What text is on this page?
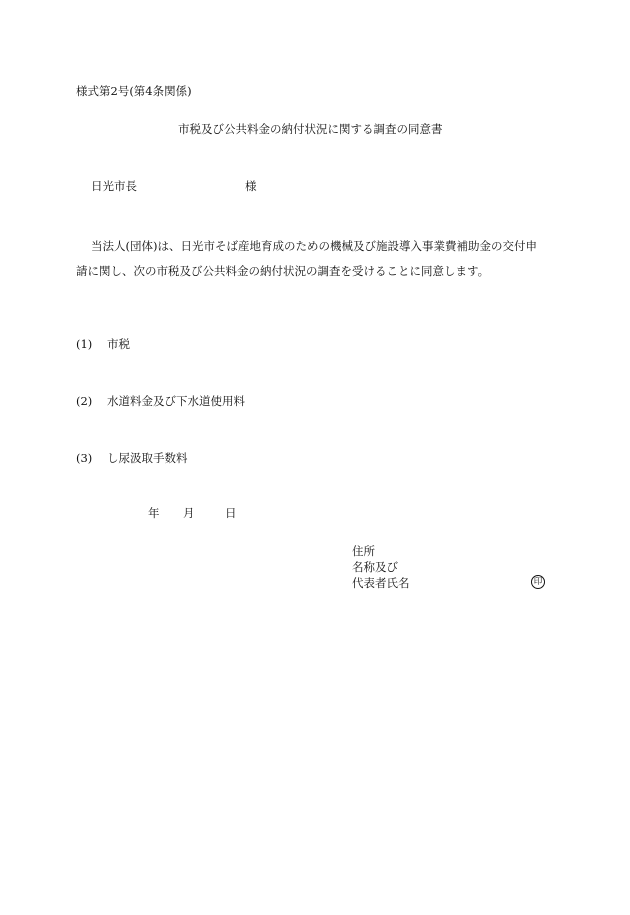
様式第2号(第4条関係)
市税及び公共料金の納付状況に関する調査の同意書
日光市長	様
当法人(団体)は、日光市そば産地育成のための機械及び施設導入事業費補助金の交付申
請に関し、次の市税及び公共料金の納付状況の調査を受けることに同意します。
(1) 市税
(2) 水道料金及び下水道使用料
(3) し尿汲取手数料
年 月	日
住所
名称及び
代表者氏名	印
